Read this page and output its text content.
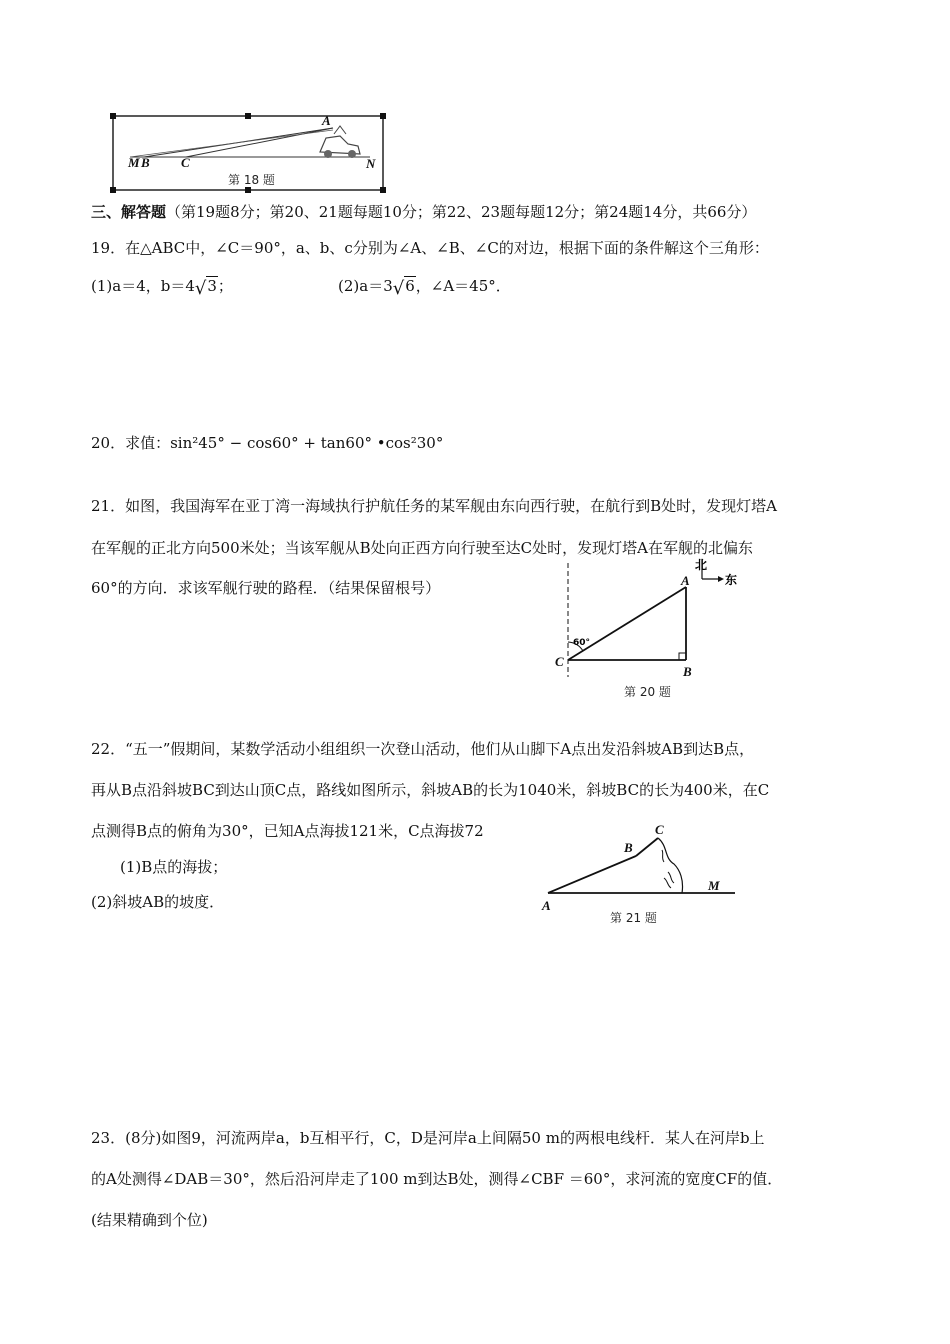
M B C
A
N
第 18 题
三、解答题（第19题8分；第20、21题每题10分；第22、23题每题12分；第24题14分，共66分）
19．在△ABC中，∠C＝90°，a、b、c分别为∠A、∠B、∠C的对边，根据下面的条件解这个三角形：
(1)a＝4，b＝4√3；	(2)a＝3√6，∠A＝45°．
20．求值：sin²45° − cos60° + tan60° •cos²30°
21．如图，我国海军在亚丁湾一海域执行护航任务的某军舰由东向西行驶，在航行到B处时，发现灯塔A
在军舰的正北方向500米处；当该军舰从B处向正西方向行驶至达C处时，发现灯塔A在军舰的北偏东
60°的方向．求该军舰行驶的路程．（结果保留根号）
60°
北
东
A
B
C
第 20 题
22．“五一”假期间，某数学活动小组组织一次登山活动，他们从山脚下A点出发沿斜坡AB到达B点，
再从B点沿斜坡BC到达山顶C点，路线如图所示，斜坡AB的长为1040米，斜坡BC的长为400米，在C
点测得B点的俯角为30°，已知A点海拔121米，C点海拔72
(1)B点的海拔；
(2)斜坡AB的坡度．	A
B
C
M
第 21 题
23．(8分)如图9，河流两岸a，b互相平行，C，D是河岸a上间隔50 m的两根电线杆．某人在河岸b上
的A处测得∠DAB＝30°，然后沿河岸走了100 m到达B处，测得∠CBF ＝60°，求河流的宽度CF的值．
(结果精确到个位)
